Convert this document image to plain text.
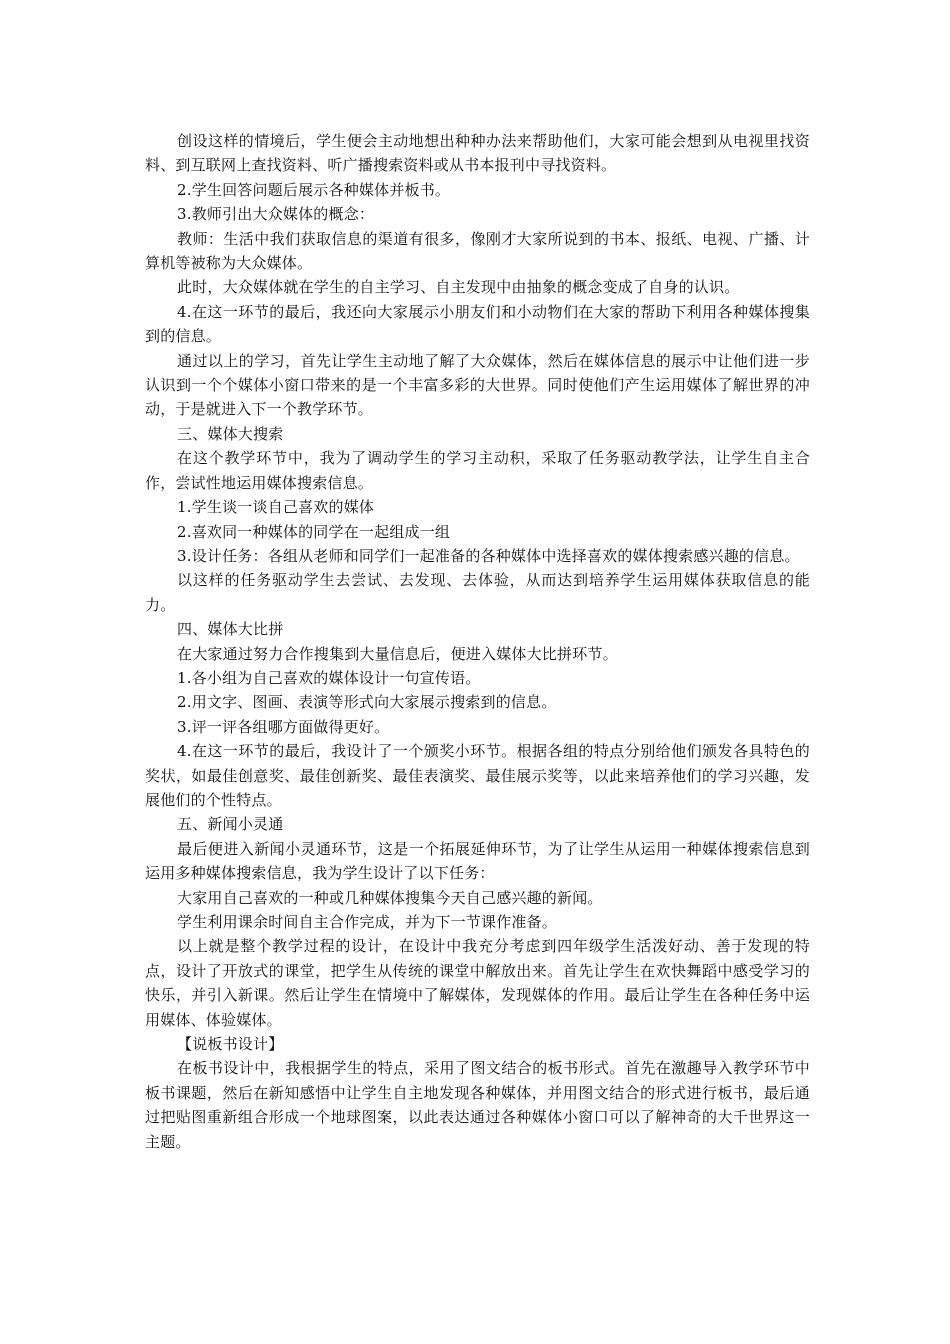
创设这样的情境后，学生便会主动地想出种种办法来帮助他们，大家可能会想到从电视里找资料、到互联网上查找资料、听广播搜索资料或从书本报刊中寻找资料。

2.学生回答问题后展示各种媒体并板书。

3.教师引出大众媒体的概念：

教师：生活中我们获取信息的渠道有很多，像刚才大家所说到的书本、报纸、电视、广播、计算机等被称为大众媒体。

此时，大众媒体就在学生的自主学习、自主发现中由抽象的概念变成了自身的认识。

4.在这一环节的最后，我还向大家展示小朋友们和小动物们在大家的帮助下利用各种媒体搜集到的信息。

通过以上的学习，首先让学生主动地了解了大众媒体，然后在媒体信息的展示中让他们进一步认识到一个个媒体小窗口带来的是一个丰富多彩的大世界。同时使他们产生运用媒体了解世界的冲动，于是就进入下一个教学环节。

三、媒体大搜索

在这个教学环节中，我为了调动学生的学习主动积，采取了任务驱动教学法，让学生自主合作，尝试性地运用媒体搜索信息。

1.学生谈一谈自己喜欢的媒体

2.喜欢同一种媒体的同学在一起组成一组

3.设计任务：各组从老师和同学们一起准备的各种媒体中选择喜欢的媒体搜索感兴趣的信息。

以这样的任务驱动学生去尝试、去发现、去体验，从而达到培养学生运用媒体获取信息的能力。

四、媒体大比拼

在大家通过努力合作搜集到大量信息后，便进入媒体大比拼环节。

1.各小组为自己喜欢的媒体设计一句宣传语。

2.用文字、图画、表演等形式向大家展示搜索到的信息。

3.评一评各组哪方面做得更好。

4.在这一环节的最后，我设计了一个颁奖小环节。根据各组的特点分别给他们颁发各具特色的奖状，如最佳创意奖、最佳创新奖、最佳表演奖、最佳展示奖等，以此来培养他们的学习兴趣，发展他们的个性特点。

五、新闻小灵通

最后便进入新闻小灵通环节，这是一个拓展延伸环节，为了让学生从运用一种媒体搜索信息到运用多种媒体搜索信息，我为学生设计了以下任务：

大家用自己喜欢的一种或几种媒体搜集今天自己感兴趣的新闻。

学生利用课余时间自主合作完成，并为下一节课作准备。

以上就是整个教学过程的设计，在设计中我充分考虑到四年级学生活泼好动、善于发现的特点，设计了开放式的课堂，把学生从传统的课堂中解放出来。首先让学生在欢快舞蹈中感受学习的快乐，并引入新课。然后让学生在情境中了解媒体，发现媒体的作用。最后让学生在各种任务中运用媒体、体验媒体。

【说板书设计】

在板书设计中，我根据学生的特点，采用了图文结合的板书形式。首先在激趣导入教学环节中板书课题，然后在新知感悟中让学生自主地发现各种媒体，并用图文结合的形式进行板书，最后通过把贴图重新组合形成一个地球图案，以此表达通过各种媒体小窗口可以了解神奇的大千世界这一主题。
